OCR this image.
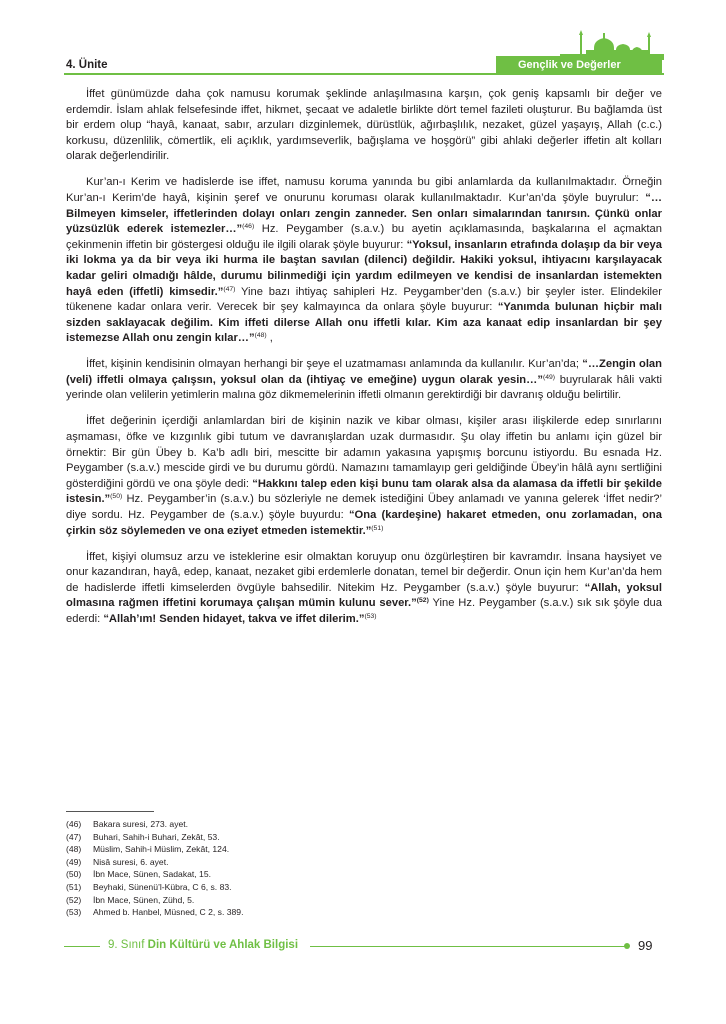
4. Ünite	Gençlik ve Değerler

İffet günümüzde daha çok namusu korumak şeklinde anlaşılmasına karşın, çok geniş kapsamlı bir değer ve erdemdir. İslam ahlak felsefesinde iffet, hikmet, şecaat ve adaletle birlikte dört temel fazileti oluşturur. Bu bağlamda üst bir erdem olup “hayâ, kanaat, sabır, arzuları dizginlemek, dürüstlük, ağırbaşlılık, nezaket, güzel yaşayış, Allah (c.c.) korkusu, düzenlilik, cömertlik, eli açıklık, yardımseverlik, bağışlama ve hoşgörü” gibi ahlaki değerler iffetin alt kolları olarak değerlendirilir.

Kur’an-ı Kerim ve hadislerde ise iffet, namusu koruma yanında bu gibi anlamlarda da kullanılmaktadır. Örneğin Kur’an-ı Kerim’de hayâ, kişinin şeref ve onurunu koruması olarak kullanılmaktadır. Kur’an’da şöyle buyrulur: “…Bilmeyen kimseler, iffetlerinden dolayı onları zengin zanneder. Sen onları simalarından tanırsın. Çünkü onlar yüzsüzlük ederek istemezler…”$^{(46)}$ Hz. Peygamber (s.a.v.) bu ayetin açıklamasında, başkalarına el açmaktan çekinmenin iffetin bir göstergesi olduğu ile ilgili olarak şöyle buyurur: “Yoksul, insanların etrafında dolaşıp da bir veya iki lokma ya da bir veya iki hurma ile baştan savılan (dilenci) değildir. Hakiki yoksul, ihtiyacını karşılayacak kadar geliri olmadığı hâlde, durumu bilinmediği için yardım edilmeyen ve kendisi de insanlardan istemekten hayâ eden (iffetli) kimsedir.”$^{(47)}$ Yine bazı ihtiyaç sahipleri Hz. Peygamber’den (s.a.v.) bir şeyler ister. Elindekiler tükenene kadar onlara verir. Verecek bir şey kalmayınca da onlara şöyle buyurur: “Yanımda bulunan hiçbir malı sizden saklayacak değilim. Kim iffeti dilerse Allah onu iffetli kılar. Kim aza kanaat edip insanlardan bir şey istemezse Allah onu zengin kılar…”$^{(48)}$ ,

İffet, kişinin kendisinin olmayan herhangi bir şeye el uzatmaması anlamında da kullanılır. Kur’an’da; “…Zengin olan (veli) iffetli olmaya çalışsın, yoksul olan da (ihtiyaç ve emeğine) uygun olarak yesin…”$^{(49)}$ buyrularak hâli vakti yerinde olan velilerin yetimlerin malına göz dikmemelerinin iffetli olmanın gerektirdiği bir davranış olduğu belirtilir.

İffet değerinin içerdiği anlamlardan biri de kişinin nazik ve kibar olması, kişiler arası ilişkilerde edep sınırlarını aşmaması, öfke ve kızgınlık gibi tutum ve davranışlardan uzak durmasıdır. Şu olay iffetin bu anlamı için güzel bir örnektir: Bir gün Übey b. Ka’b adlı biri, mescitte bir adamın yakasına yapışmış borcunu istiyordu. Bu esnada Hz. Peygamber (s.a.v.) mescide girdi ve bu durumu gördü. Namazını tamamlayıp geri geldiğinde Übey’in hâlâ aynı sertliğini gösterdiğini gördü ve ona şöyle dedi: “Hakkını talep eden kişi bunu tam olarak alsa da alamasa da iffetli bir şekilde istesin.”$^{(50)}$ Hz. Peygamber’in (s.a.v.) bu sözleriyle ne demek istediğini Übey anlamadı ve yanına gelerek ‘İffet nedir?’ diye sordu. Hz. Peygamber de (s.a.v.) şöyle buyurdu: “Ona (kardeşine) hakaret etmeden, onu zorlamadan, ona çirkin söz söylemeden ve ona eziyet etmeden istemektir.”$^{(51)}$

İffet, kişiyi olumsuz arzu ve isteklerine esir olmaktan koruyup onu özgürleştiren bir kavramdır. İnsana haysiyet ve onur kazandıran, hayâ, edep, kanaat, nezaket gibi erdemlerle donatan, temel bir değerdir. Onun için hem Kur’an’da hem de hadislerde iffetli kimselerden övgüyle bahsedilir. Nitekim Hz. Peygamber (s.a.v.) şöyle buyurur: “Allah, yoksul olmasına rağmen iffetini korumaya çalışan mümin kulunu sever.”$^{(52)}$ Yine Hz. Peygamber (s.a.v.) sık sık şöyle dua ederdi: “Allah’ım! Senden hidayet, takva ve iffet dilerim.”$^{(53)}$

(46) Bakara suresi, 273. ayet.
(47) Buhari, Sahih-i Buhari, Zekât, 53.
(48) Müslim, Sahih-i Müslim, Zekât, 124.
(49) Nisâ suresi, 6. ayet.
(50) İbn Mace, Sünen, Sadakat, 15.
(51) Beyhaki, Sünenü’l-Kübra, C 6, s. 83.
(52) İbn Mace, Sünen, Zühd, 5.
(53) Ahmed b. Hanbel, Müsned, C 2, s. 389.
9. Sınıf Din Kültürü ve Ahlak Bilgisi	99
